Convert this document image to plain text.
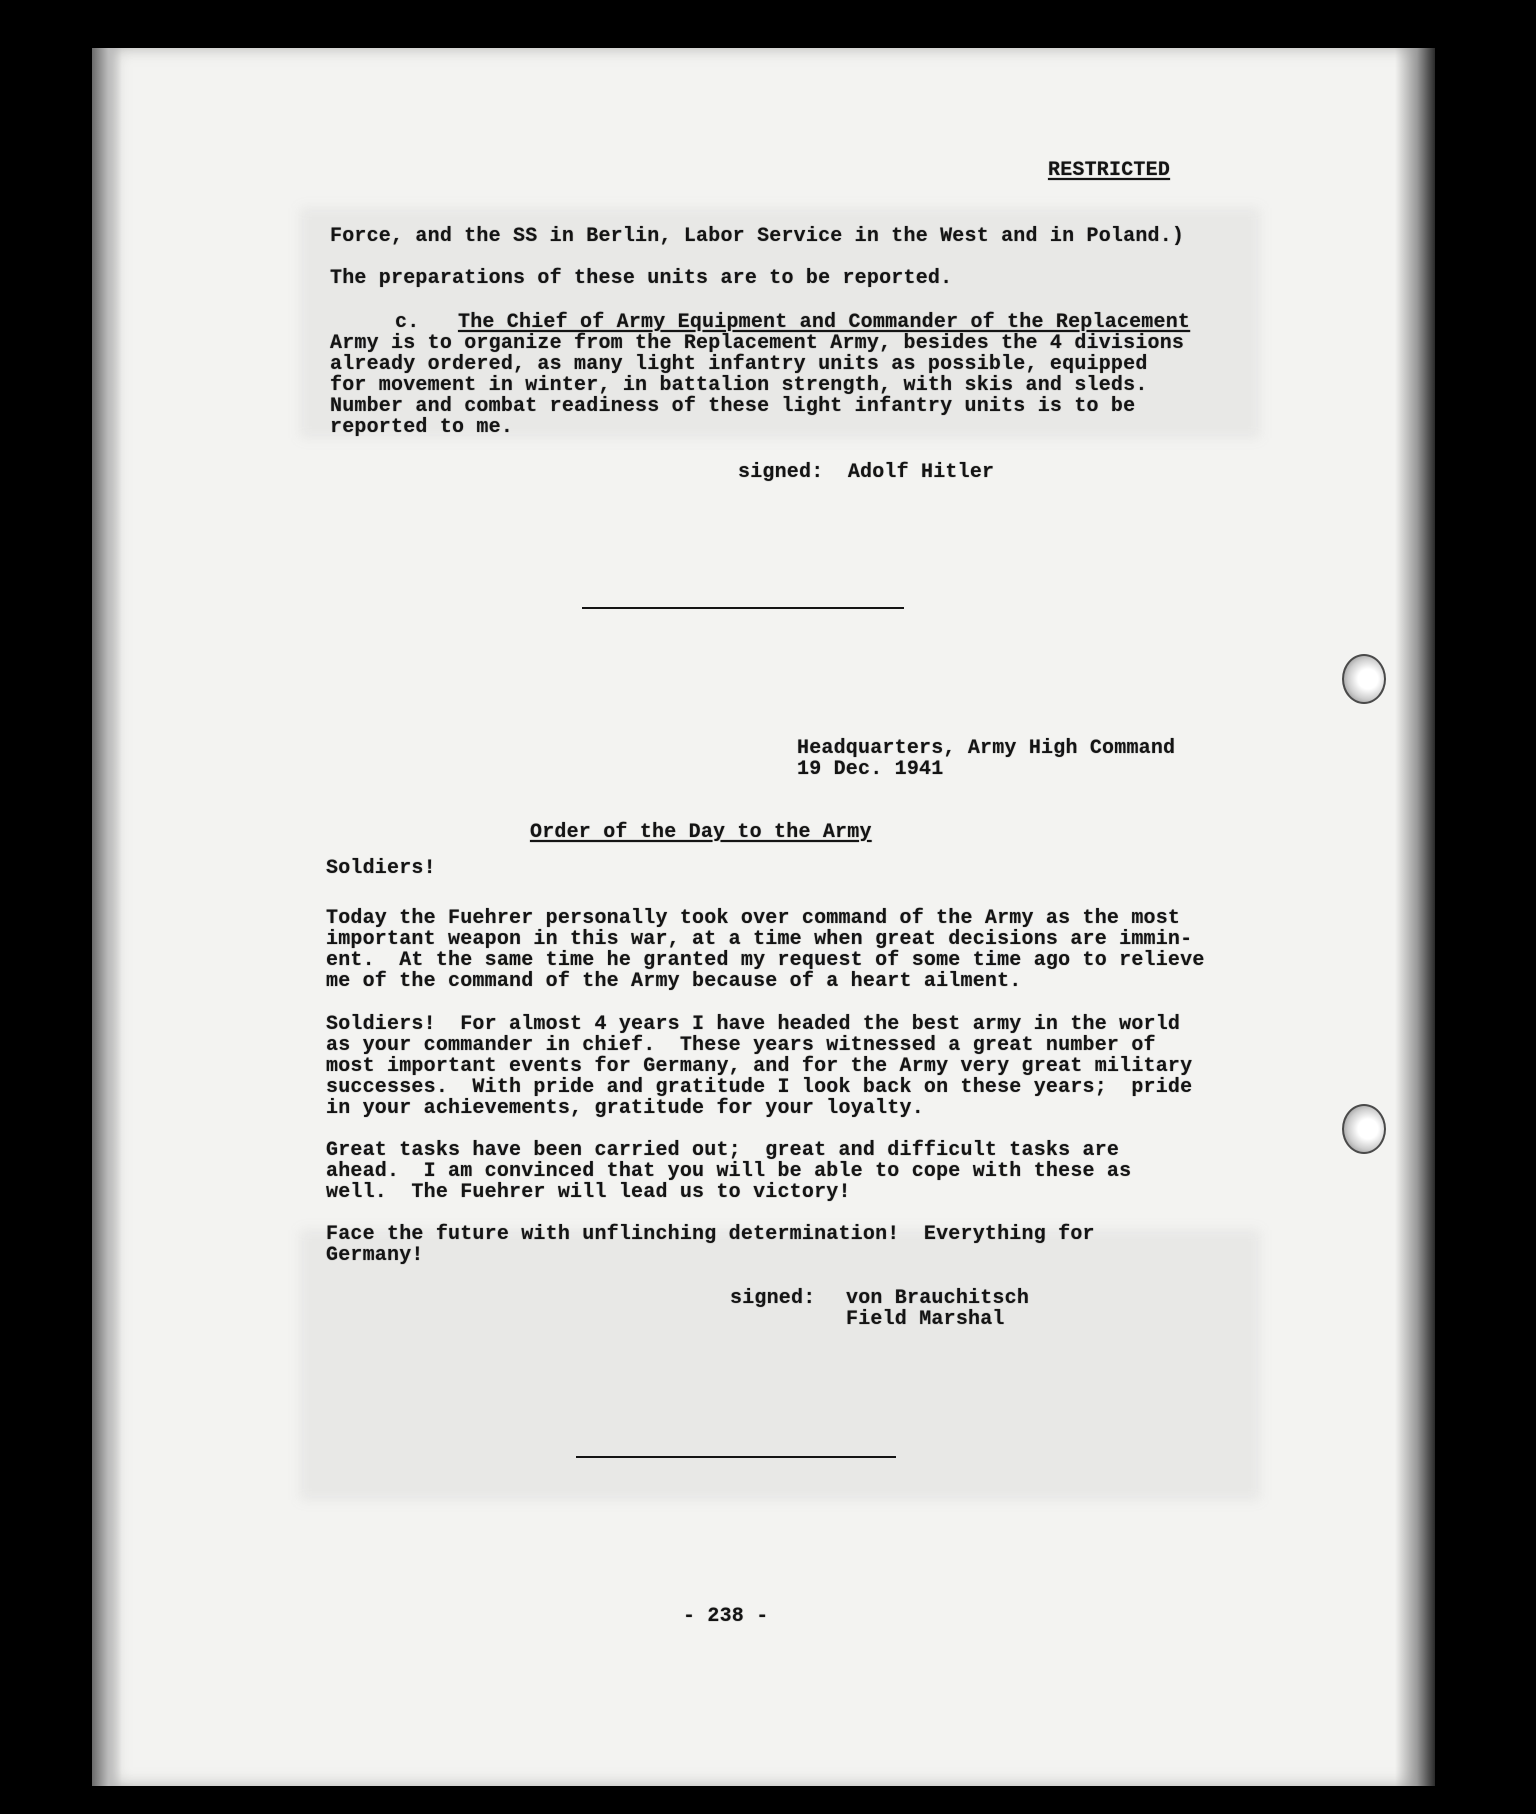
RESTRICTED
Force, and the SS in Berlin, Labor Service in the West and in Poland.)
The preparations of these units are to be reported.
c. The Chief of Army Equipment and Commander of the Replacement
Army is to organize from the Replacement Army, besides the 4 divisions
already ordered, as many light infantry units as possible, equipped
for movement in winter, in battalion strength, with skis and sleds.
Number and combat readiness of these light infantry units is to be
reported to me.
signed:  Adolf Hitler
Headquarters, Army High Command
19 Dec. 1941
Order of the Day to the Army
Soldiers!
Today the Fuehrer personally took over command of the Army as the most
important weapon in this war, at a time when great decisions are immin-
ent.  At the same time he granted my request of some time ago to relieve
me of the command of the Army because of a heart ailment.
Soldiers!  For almost 4 years I have headed the best army in the world
as your commander in chief.  These years witnessed a great number of
most important events for Germany, and for the Army very great military
successes.  With pride and gratitude I look back on these years;  pride
in your achievements, gratitude for your loyalty.
Great tasks have been carried out;  great and difficult tasks are
ahead.  I am convinced that you will be able to cope with these as
well.  The Fuehrer will lead us to victory!
Face the future with unflinching determination!  Everything for
Germany!
signed: von Brauchitsch
Field Marshal
- 238 -
